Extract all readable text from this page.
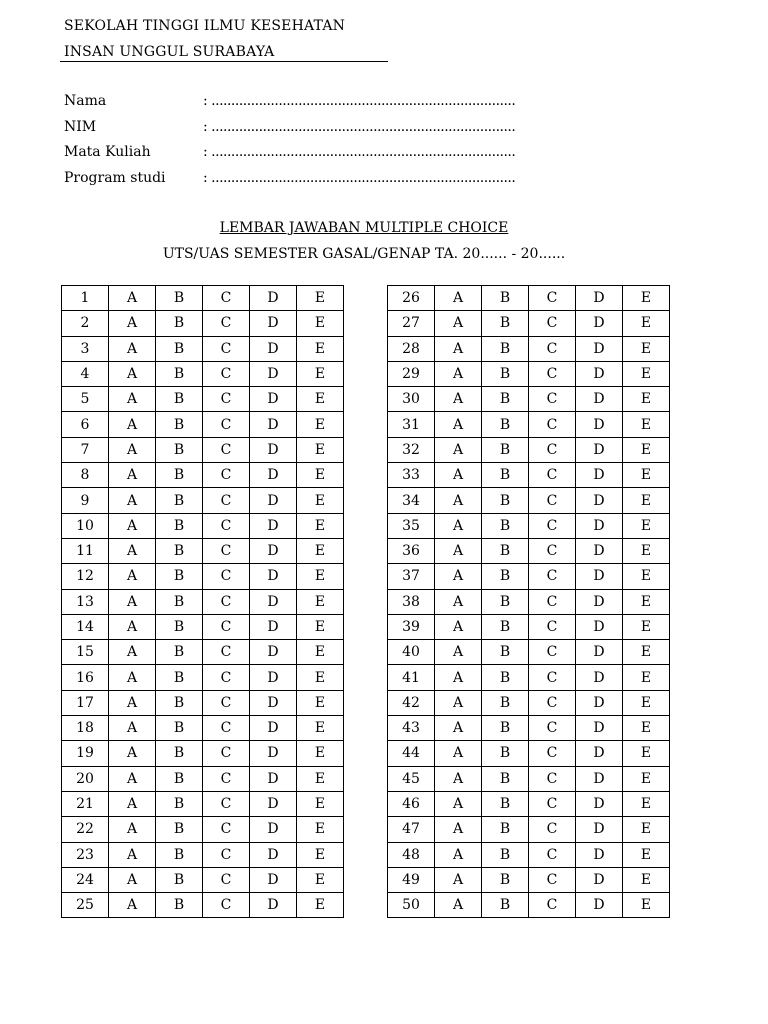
SEKOLAH TINGGI ILMU KESEHATAN
INSAN UNGGUL SURABAYA
Nama	: .............................................................................
NIM	: .............................................................................
Mata Kuliah	: .............................................................................
Program studi	: .............................................................................
LEMBAR JAWABAN MULTIPLE CHOICE
UTS/UAS SEMESTER GASAL/GENAP TA. 20...... - 20......
1	A	B	C	D	E
2	A	B	C	D	E
3	A	B	C	D	E
4	A	B	C	D	E
5	A	B	C	D	E
6	A	B	C	D	E
7	A	B	C	D	E
8	A	B	C	D	E
9	A	B	C	D	E
10	A	B	C	D	E
11	A	B	C	D	E
12	A	B	C	D	E
13	A	B	C	D	E
14	A	B	C	D	E
15	A	B	C	D	E
16	A	B	C	D	E
17	A	B	C	D	E
18	A	B	C	D	E
19	A	B	C	D	E
20	A	B	C	D	E
21	A	B	C	D	E
22	A	B	C	D	E
23	A	B	C	D	E
24	A	B	C	D	E
25	A	B	C	D	E
26	A	B	C	D	E
27	A	B	C	D	E
28	A	B	C	D	E
29	A	B	C	D	E
30	A	B	C	D	E
31	A	B	C	D	E
32	A	B	C	D	E
33	A	B	C	D	E
34	A	B	C	D	E
35	A	B	C	D	E
36	A	B	C	D	E
37	A	B	C	D	E
38	A	B	C	D	E
39	A	B	C	D	E
40	A	B	C	D	E
41	A	B	C	D	E
42	A	B	C	D	E
43	A	B	C	D	E
44	A	B	C	D	E
45	A	B	C	D	E
46	A	B	C	D	E
47	A	B	C	D	E
48	A	B	C	D	E
49	A	B	C	D	E
50	A	B	C	D	E
